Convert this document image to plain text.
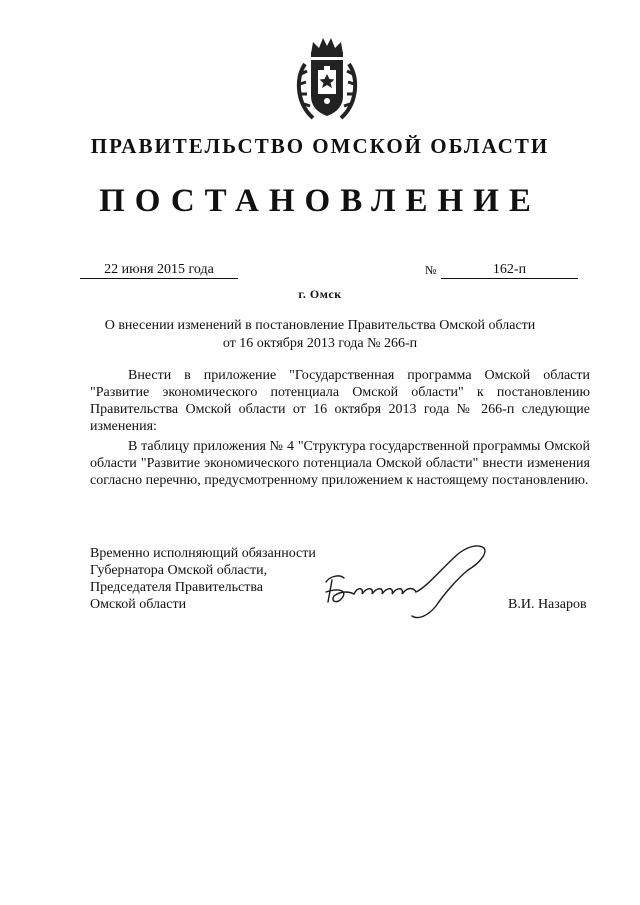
ПРАВИТЕЛЬСТВО ОМСКОЙ ОБЛАСТИ
ПОСТАНОВЛЕНИЕ
22 июня 2015 года	№	162-п
г. Омск
О внесении изменений в постановление Правительства Омской области
от 16 октября 2013 года № 266-п

Внести в приложение "Государственная программа Омской области "Развитие экономического потенциала Омской области" к постановлению Правительства Омской области от 16 октября 2013 года № 266-п следующие изменения:

В таблицу приложения № 4 "Структура государственной программы Омской области "Развитие экономического потенциала Омской области" внести изменения согласно перечню, предусмотренному приложением к настоящему постановлению.

Временно исполняющий обязанности
Губернатора Омской области,
Председателя Правительства
Омской области	В.И. Назаров
